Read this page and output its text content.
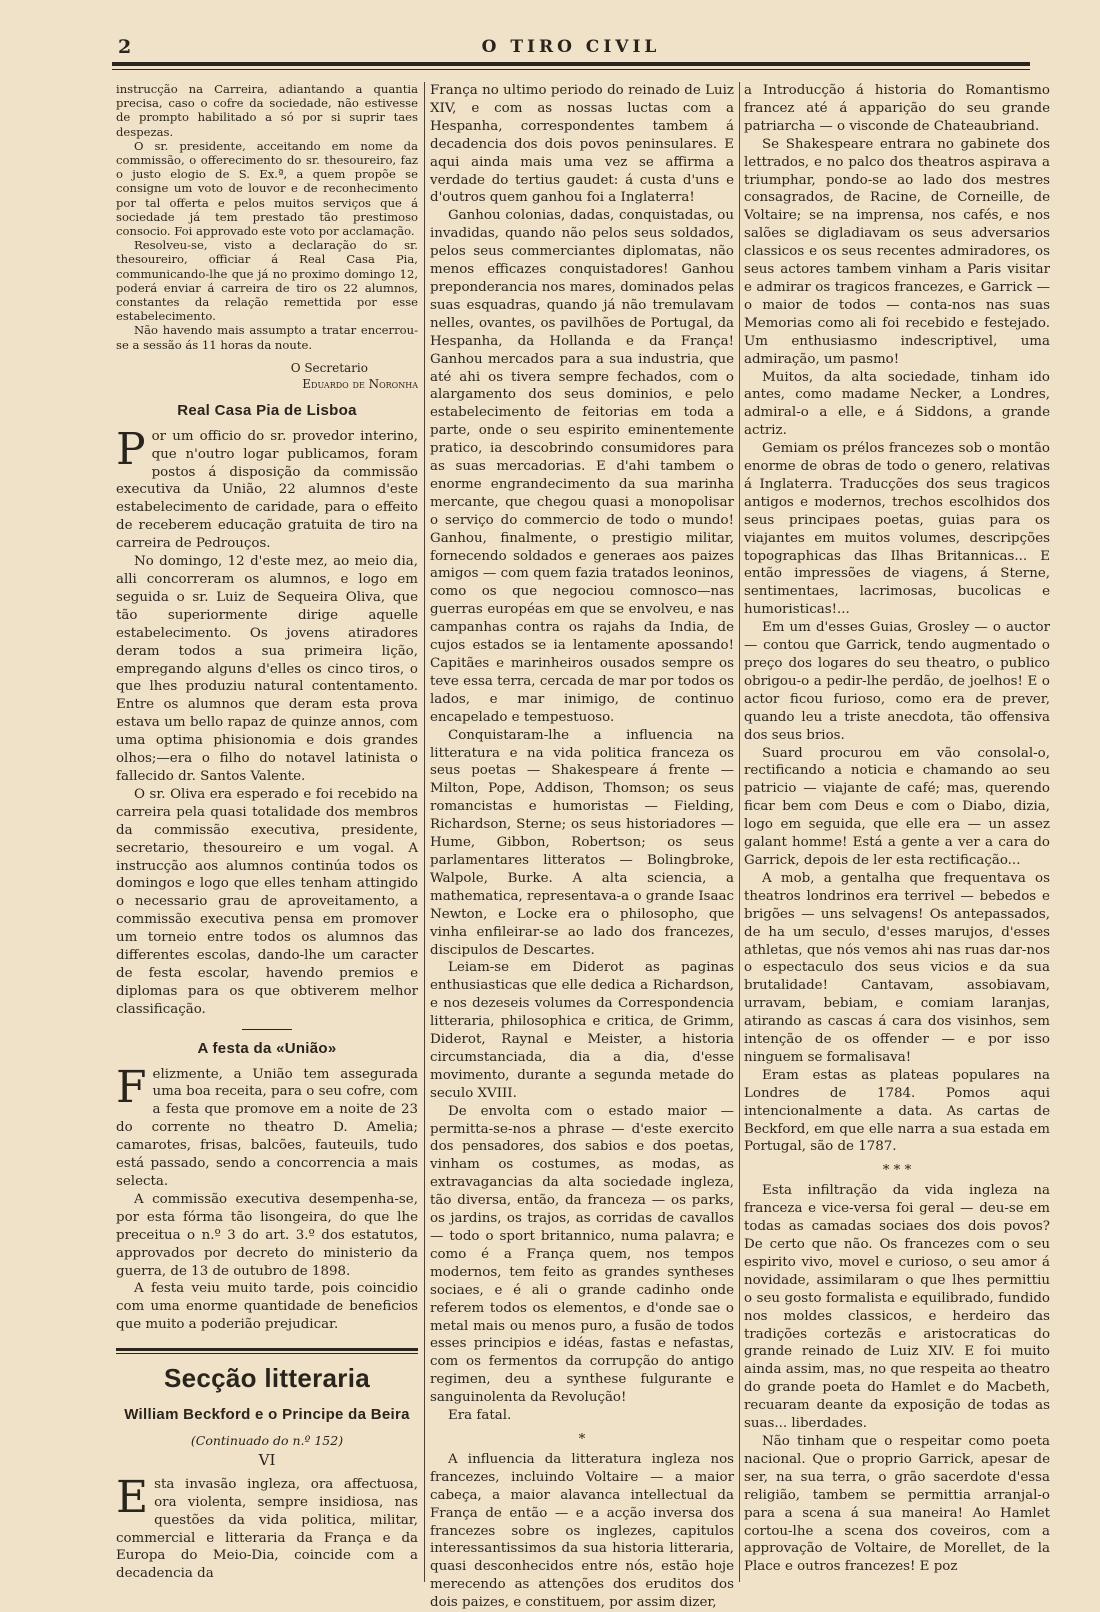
2	O TIRO CIVIL

instrucção na Carreira, adiantando a quantia precisa, caso o cofre da sociedade, não estivesse de prompto habilitado a só por si suprir taes despezas.

O sr. presidente, acceitando em nome da commissão, o offerecimento do sr. thesoureiro, faz o justo elogio de S. Ex.ª, a quem propõe se consigne um voto de louvor e de reconhecimento por tal offerta e pelos muitos serviços que á sociedade já tem prestado tão prestimoso consocio. Foi approvado este voto por acclamação.

Resolveu-se, visto a declaração do sr. thesoureiro, officiar á Real Casa Pia, communicando-lhe que já no proximo domingo 12, poderá enviar á carreira de tiro os 22 alumnos, constantes da relação remettida por esse estabelecimento.

Não havendo mais assumpto a tratar encerrou-se a sessão ás 11 horas da noute.

O Secretario
Eduardo de Noronha
Real Casa Pia de Lisboa

Por um officio do sr. provedor interino, que n'outro logar publicamos, foram postos á disposição da commissão executiva da União, 22 alumnos d'este estabelecimento de caridade, para o effeito de receberem educação gratuita de tiro na carreira de Pedrouços.

No domingo, 12 d'este mez, ao meio dia, alli concorreram os alumnos, e logo em seguida o sr. Luiz de Sequeira Oliva, que tão superiormente dirige aquelle estabelecimento. Os jovens atiradores deram todos a sua primeira lição, empregando alguns d'elles os cinco tiros, o que lhes produziu natural contentamento. Entre os alumnos que deram esta prova estava um bello rapaz de quinze annos, com uma optima phisionomia e dois grandes olhos;—era o filho do notavel latinista o fallecido dr. Santos Valente.

O sr. Oliva era esperado e foi recebido na carreira pela quasi totalidade dos membros da commissão executiva, presidente, secretario, thesoureiro e um vogal. A instrucção aos alumnos continúa todos os domingos e logo que elles tenham attingido o necessario grau de aproveitamento, a commissão executiva pensa em promover um torneio entre todos os alumnos das differentes escolas, dando-lhe um caracter de festa escolar, havendo premios e diplomas para os que obtiverem melhor classificação.

A festa da «União»

Felizmente, a União tem assegurada uma boa receita, para o seu cofre, com a festa que promove em a noite de 23 do corrente no theatro D. Amelia; camarotes, frisas, balcões, fauteuils, tudo está passado, sendo a concorrencia a mais selecta.

A commissão executiva desempenha-se, por esta fórma tão lisongeira, do que lhe preceitua o n.º 3 do art. 3.º dos estatutos, approvados por decreto do ministerio da guerra, de 13 de outubro de 1898.

A festa veiu muito tarde, pois coincidio com uma enorme quantidade de beneficios que muito a poderião prejudicar.

Secção litteraria
William Beckford e o Principe da Beira
(Continuado do n.º 152)
VI

Esta invasão ingleza, ora affectuosa, ora violenta, sempre insidiosa, nas questões da vida politica, militar, commercial e litteraria da França e da Europa do Meio-Dia, coincide com a decadencia da

França no ultimo periodo do reinado de Luiz XIV, e com as nossas luctas com a Hespanha, correspondentes tambem á decadencia dos dois povos peninsulares. E aqui ainda mais uma vez se affirma a verdade do tertius gaudet: á custa d'uns e d'outros quem ganhou foi a Inglaterra!

Ganhou colonias, dadas, conquistadas, ou invadidas, quando não pelos seus soldados, pelos seus commerciantes diplomatas, não menos efficazes conquistadores! Ganhou preponderancia nos mares, dominados pelas suas esquadras, quando já não tremulavam nelles, ovantes, os pavilhões de Portugal, da Hespanha, da Hollanda e da França! Ganhou mercados para a sua industria, que até ahi os tivera sempre fechados, com o alargamento dos seus dominios, e pelo estabelecimento de feitorias em toda a parte, onde o seu espirito eminentemente pratico, ia descobrindo consumidores para as suas mercadorias. E d'ahi tambem o enorme engrandecimento da sua marinha mercante, que chegou quasi a monopolisar o serviço do commercio de todo o mundo! Ganhou, finalmente, o prestigio militar, fornecendo soldados e generaes aos paizes amigos — com quem fazia tratados leoninos, como os que negociou comnosco—nas guerras européas em que se envolveu, e nas campanhas contra os rajahs da India, de cujos estados se ia lentamente apossando! Capitães e marinheiros ousados sempre os teve essa terra, cercada de mar por todos os lados, e mar inimigo, de continuo encapelado e tempestuoso.

Conquistaram-lhe a influencia na litteratura e na vida politica franceza os seus poetas — Shakespeare á frente — Milton, Pope, Addison, Thomson; os seus romancistas e humoristas — Fielding, Richardson, Sterne; os seus historiadores — Hume, Gibbon, Robertson; os seus parlamentares litteratos — Bolingbroke, Walpole, Burke. A alta sciencia, a mathematica, representava-a o grande Isaac Newton, e Locke era o philosopho, que vinha enfileirar-se ao lado dos francezes, discipulos de Descartes.

Leiam-se em Diderot as paginas enthusiasticas que elle dedica a Richardson, e nos dezeseis volumes da Correspondencia litteraria, philosophica e critica, de Grimm, Diderot, Raynal e Meister, a historia circumstanciada, dia a dia, d'esse movimento, durante a segunda metade do seculo XVIII.

De envolta com o estado maior — permitta-se-nos a phrase — d'este exercito dos pensadores, dos sabios e dos poetas, vinham os costumes, as modas, as extravagancias da alta sociedade ingleza, tão diversa, então, da franceza — os parks, os jardins, os trajos, as corridas de cavallos — todo o sport britannico, numa palavra; e como é a França quem, nos tempos modernos, tem feito as grandes syntheses sociaes, e é ali o grande cadinho onde referem todos os elementos, e d'onde sae o metal mais ou menos puro, a fusão de todos esses principios e idéas, fastas e nefastas, com os fermentos da corrupção do antigo regimen, deu a synthese fulgurante e sanguinolenta da Revolução!

Era fatal.

*

A influencia da litteratura ingleza nos francezes, incluindo Voltaire — a maior cabeça, a maior alavanca intellectual da França de então — e a acção inversa dos francezes sobre os inglezes, capitulos interessantissimos da sua historia litteraria, quasi desconhecidos entre nós, estão hoje merecendo as attenções dos eruditos dos dois paizes, e constituem, por assim dizer,

a Introducção á historia do Romantismo francez até á apparição do seu grande patriarcha — o visconde de Chateaubriand.

Se Shakespeare entrara no gabinete dos lettrados, e no palco dos theatros aspirava a triumphar, pondo-se ao lado dos mestres consagrados, de Racine, de Corneille, de Voltaire; se na imprensa, nos cafés, e nos salões se digladiavam os seus adversarios classicos e os seus recentes admiradores, os seus actores tambem vinham a Paris visitar e admirar os tragicos francezes, e Garrick — o maior de todos — conta-nos nas suas Memorias como ali foi recebido e festejado. Um enthusiasmo indescriptivel, uma admiração, um pasmo!

Muitos, da alta sociedade, tinham ido antes, como madame Necker, a Londres, admiral-o a elle, e á Siddons, a grande actriz.

Gemiam os prélos francezes sob o montão enorme de obras de todo o genero, relativas á Inglaterra. Traducções dos seus tragicos antigos e modernos, trechos escolhidos dos seus principaes poetas, guias para os viajantes em muitos volumes, descripções topographicas das Ilhas Britannicas... E então impressões de viagens, á Sterne, sentimentaes, lacrimosas, bucolicas e humoristicas!...

Em um d'esses Guias, Grosley — o auctor — contou que Garrick, tendo augmentado o preço dos logares do seu theatro, o publico obrigou-o a pedir-lhe perdão, de joelhos! E o actor ficou furioso, como era de prever, quando leu a triste anecdota, tão offensiva dos seus brios.

Suard procurou em vão consolal-o, rectificando a noticia e chamando ao seu patricio — viajante de café; mas, querendo ficar bem com Deus e com o Diabo, dizia, logo em seguida, que elle era — un assez galant homme! Está a gente a ver a cara do Garrick, depois de ler esta rectificação...

A mob, a gentalha que frequentava os theatros londrinos era terrivel — bebedos e brigões — uns selvagens! Os antepassados, de ha um seculo, d'esses marujos, d'esses athletas, que nós vemos ahi nas ruas dar-nos o espectaculo dos seus vicios e da sua brutalidade! Cantavam, assobiavam, urravam, bebiam, e comiam laranjas, atirando as cascas á cara dos visinhos, sem intenção de os offender — e por isso ninguem se formalisava!

Eram estas as plateas populares na Londres de 1784. Pomos aqui intencionalmente a data. As cartas de Beckford, em que elle narra a sua estada em Portugal, são de 1787.

* * *

Esta infiltração da vida ingleza na franceza e vice-versa foi geral — deu-se em todas as camadas sociaes dos dois povos? De certo que não. Os francezes com o seu espirito vivo, movel e curioso, o seu amor á novidade, assimilaram o que lhes permittiu o seu gosto formalista e equilibrado, fundido nos moldes classicos, e herdeiro das tradições cortezãs e aristocraticas do grande reinado de Luiz XIV. E foi muito ainda assim, mas, no que respeita ao theatro do grande poeta do Hamlet e do Macbeth, recuaram deante da exposição de todas as suas... liberdades.

Não tinham que o respeitar como poeta nacional. Que o proprio Garrick, apesar de ser, na sua terra, o grão sacerdote d'essa religião, tambem se permittia arranjal-o para a scena á sua maneira! Ao Hamlet cortou-lhe a scena dos coveiros, com a approvação de Voltaire, de Morellet, de la Place e outros francezes! E poz
